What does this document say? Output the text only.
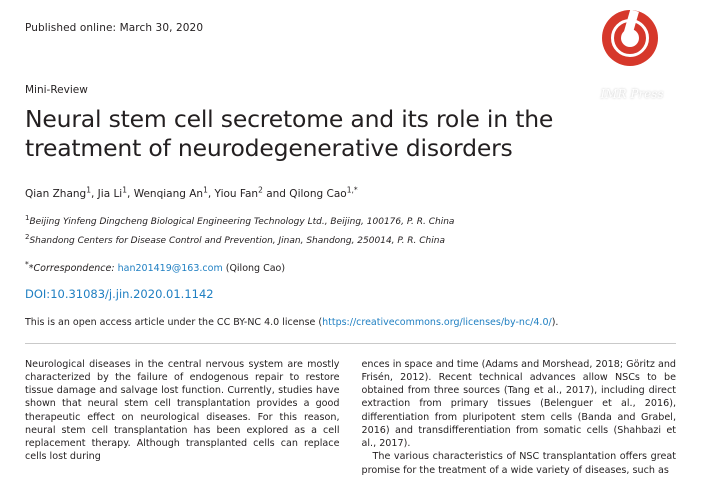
Published online: March 30, 2020
IMR Press
Mini-Review
Neural stem cell secretome and its role in the treatment of neurodegenerative disorders
Qian Zhang$^1$, Jia Li$^1$, Wenqiang An$^1$, Yiou Fan$^2$ and Qilong Cao$^{1,*}$
$^1$Beijing Yinfeng Dingcheng Biological Engineering Technology Ltd., Beijing, 100176, P. R. China
$^2$Shandong Centers for Disease Control and Prevention, Jinan, Shandong, 250014, P. R. China
**Correspondence: han201419@163.com (Qilong Cao)
DOI:10.31083/j.jin.2020.01.1142
This is an open access article under the CC BY-NC 4.0 license (https://creativecommons.org/licenses/by-nc/4.0/).

Neurological diseases in the central nervous system are mostly characterized by the failure of endogenous repair to restore tissue damage and salvage lost function. Currently, studies have shown that neural stem cell transplantation provides a good therapeutic effect on neurological diseases. For this reason, neural stem cell transplantation has been explored as a cell replacement therapy. Although transplanted cells can replace cells lost during

ences in space and time (Adams and Morshead, 2018; Göritz and Frisén, 2012). Recent technical advances allow NSCs to be obtained from three sources (Tang et al., 2017), including direct extraction from primary tissues (Belenguer et al., 2016), differentiation from pluripotent stem cells (Banda and Grabel, 2016) and transdifferentiation from somatic cells (Shahbazi et al., 2017).

The various characteristics of NSC transplantation offers great promise for the treatment of a wide variety of diseases, such as
